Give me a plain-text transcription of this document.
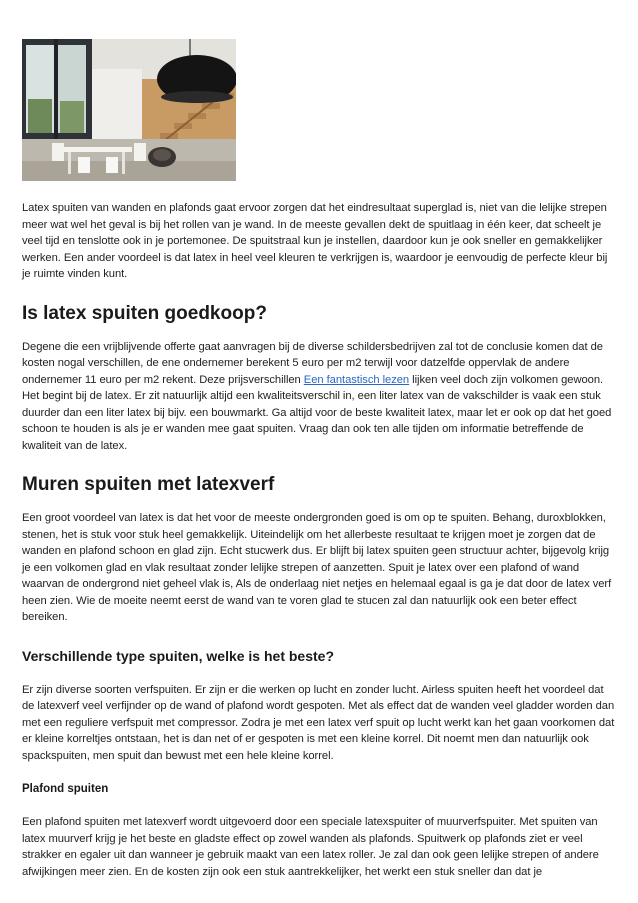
Latex spuiten van wanden en plafonds gaat ervoor zorgen dat het eindresultaat superglad is, niet van die lelijke strepen meer wat wel het geval is bij het rollen van je wand. In de meeste gevallen dekt de spuitlaag in één keer, dat scheelt je veel tijd en tenslotte ook in je portemonee. De spuitstraal kun je instellen, daardoor kun je ook sneller en gemakkelijker werken. Een ander voordeel is dat latex in heel veel kleuren te verkrijgen is, waardoor je eenvoudig de perfecte kleur bij je ruimte vinden kunt.

Is latex spuiten goedkoop?

Degene die een vrijblijvende offerte gaat aanvragen bij de diverse schildersbedrijven zal tot de conclusie komen dat de kosten nogal verschillen, de ene ondernemer berekent 5 euro per m2 terwijl voor datzelfde oppervlak de andere ondernemer 11 euro per m2 rekent. Deze prijsverschillen Een fantastisch lezen lijken veel doch zijn volkomen gewoon. Het begint bij de latex. Er zit natuurlijk altijd een kwaliteitsverschil in, een liter latex van de vakschilder is vaak een stuk duurder dan een liter latex bij bijv. een bouwmarkt. Ga altijd voor de beste kwaliteit latex, maar let er ook op dat het goed schoon te houden is als je er wanden mee gaat spuiten. Vraag dan ook ten alle tijden om informatie betreffende de kwaliteit van de latex.

Muren spuiten met latexverf

Een groot voordeel van latex is dat het voor de meeste ondergronden goed is om op te spuiten. Behang, duroxblokken, stenen, het is stuk voor stuk heel gemakkelijk. Uiteindelijk om het allerbeste resultaat te krijgen moet je zorgen dat de wanden en plafond schoon en glad zijn. Echt stucwerk dus. Er blijft bij latex spuiten geen structuur achter, bijgevolg krijg je een volkomen glad en vlak resultaat zonder lelijke strepen of aanzetten. Spuit je latex over een plafond of wand waarvan de ondergrond niet geheel vlak is, Als de onderlaag niet netjes en helemaal egaal is ga je dat door de latex verf heen zien. Wie de moeite neemt eerst de wand van te voren glad te stucen zal dan natuurlijk ook een beter effect bereiken.

Verschillende type spuiten, welke is het beste?

Er zijn diverse soorten verfspuiten. Er zijn er die werken op lucht en zonder lucht. Airless spuiten heeft het voordeel dat de latexverf veel verfijnder op de wand of plafond wordt gespoten. Met als effect dat de wanden veel gladder worden dan met een reguliere verfspuit met compressor. Zodra je met een latex verf spuit op lucht werkt kan het gaan voorkomen dat er kleine korreltjes ontstaan, het is dan net of er gespoten is met een kleine korrel. Dit noemt men dan natuurlijk ook spackspuiten, men spuit dan bewust met een hele kleine korrel.

Plafond spuiten

Een plafond spuiten met latexverf wordt uitgevoerd door een speciale latexspuiter of muurverfspuiter. Met spuiten van latex muurverf krijg je het beste en gladste effect op zowel wanden als plafonds. Spuitwerk op plafonds ziet er veel strakker en egaler uit dan wanneer je gebruik maakt van een latex roller. Je zal dan ook geen lelijke strepen of andere afwijkingen meer zien. En de kosten zijn ook een stuk aantrekkelijker, het werkt een stuk sneller dan dat je
